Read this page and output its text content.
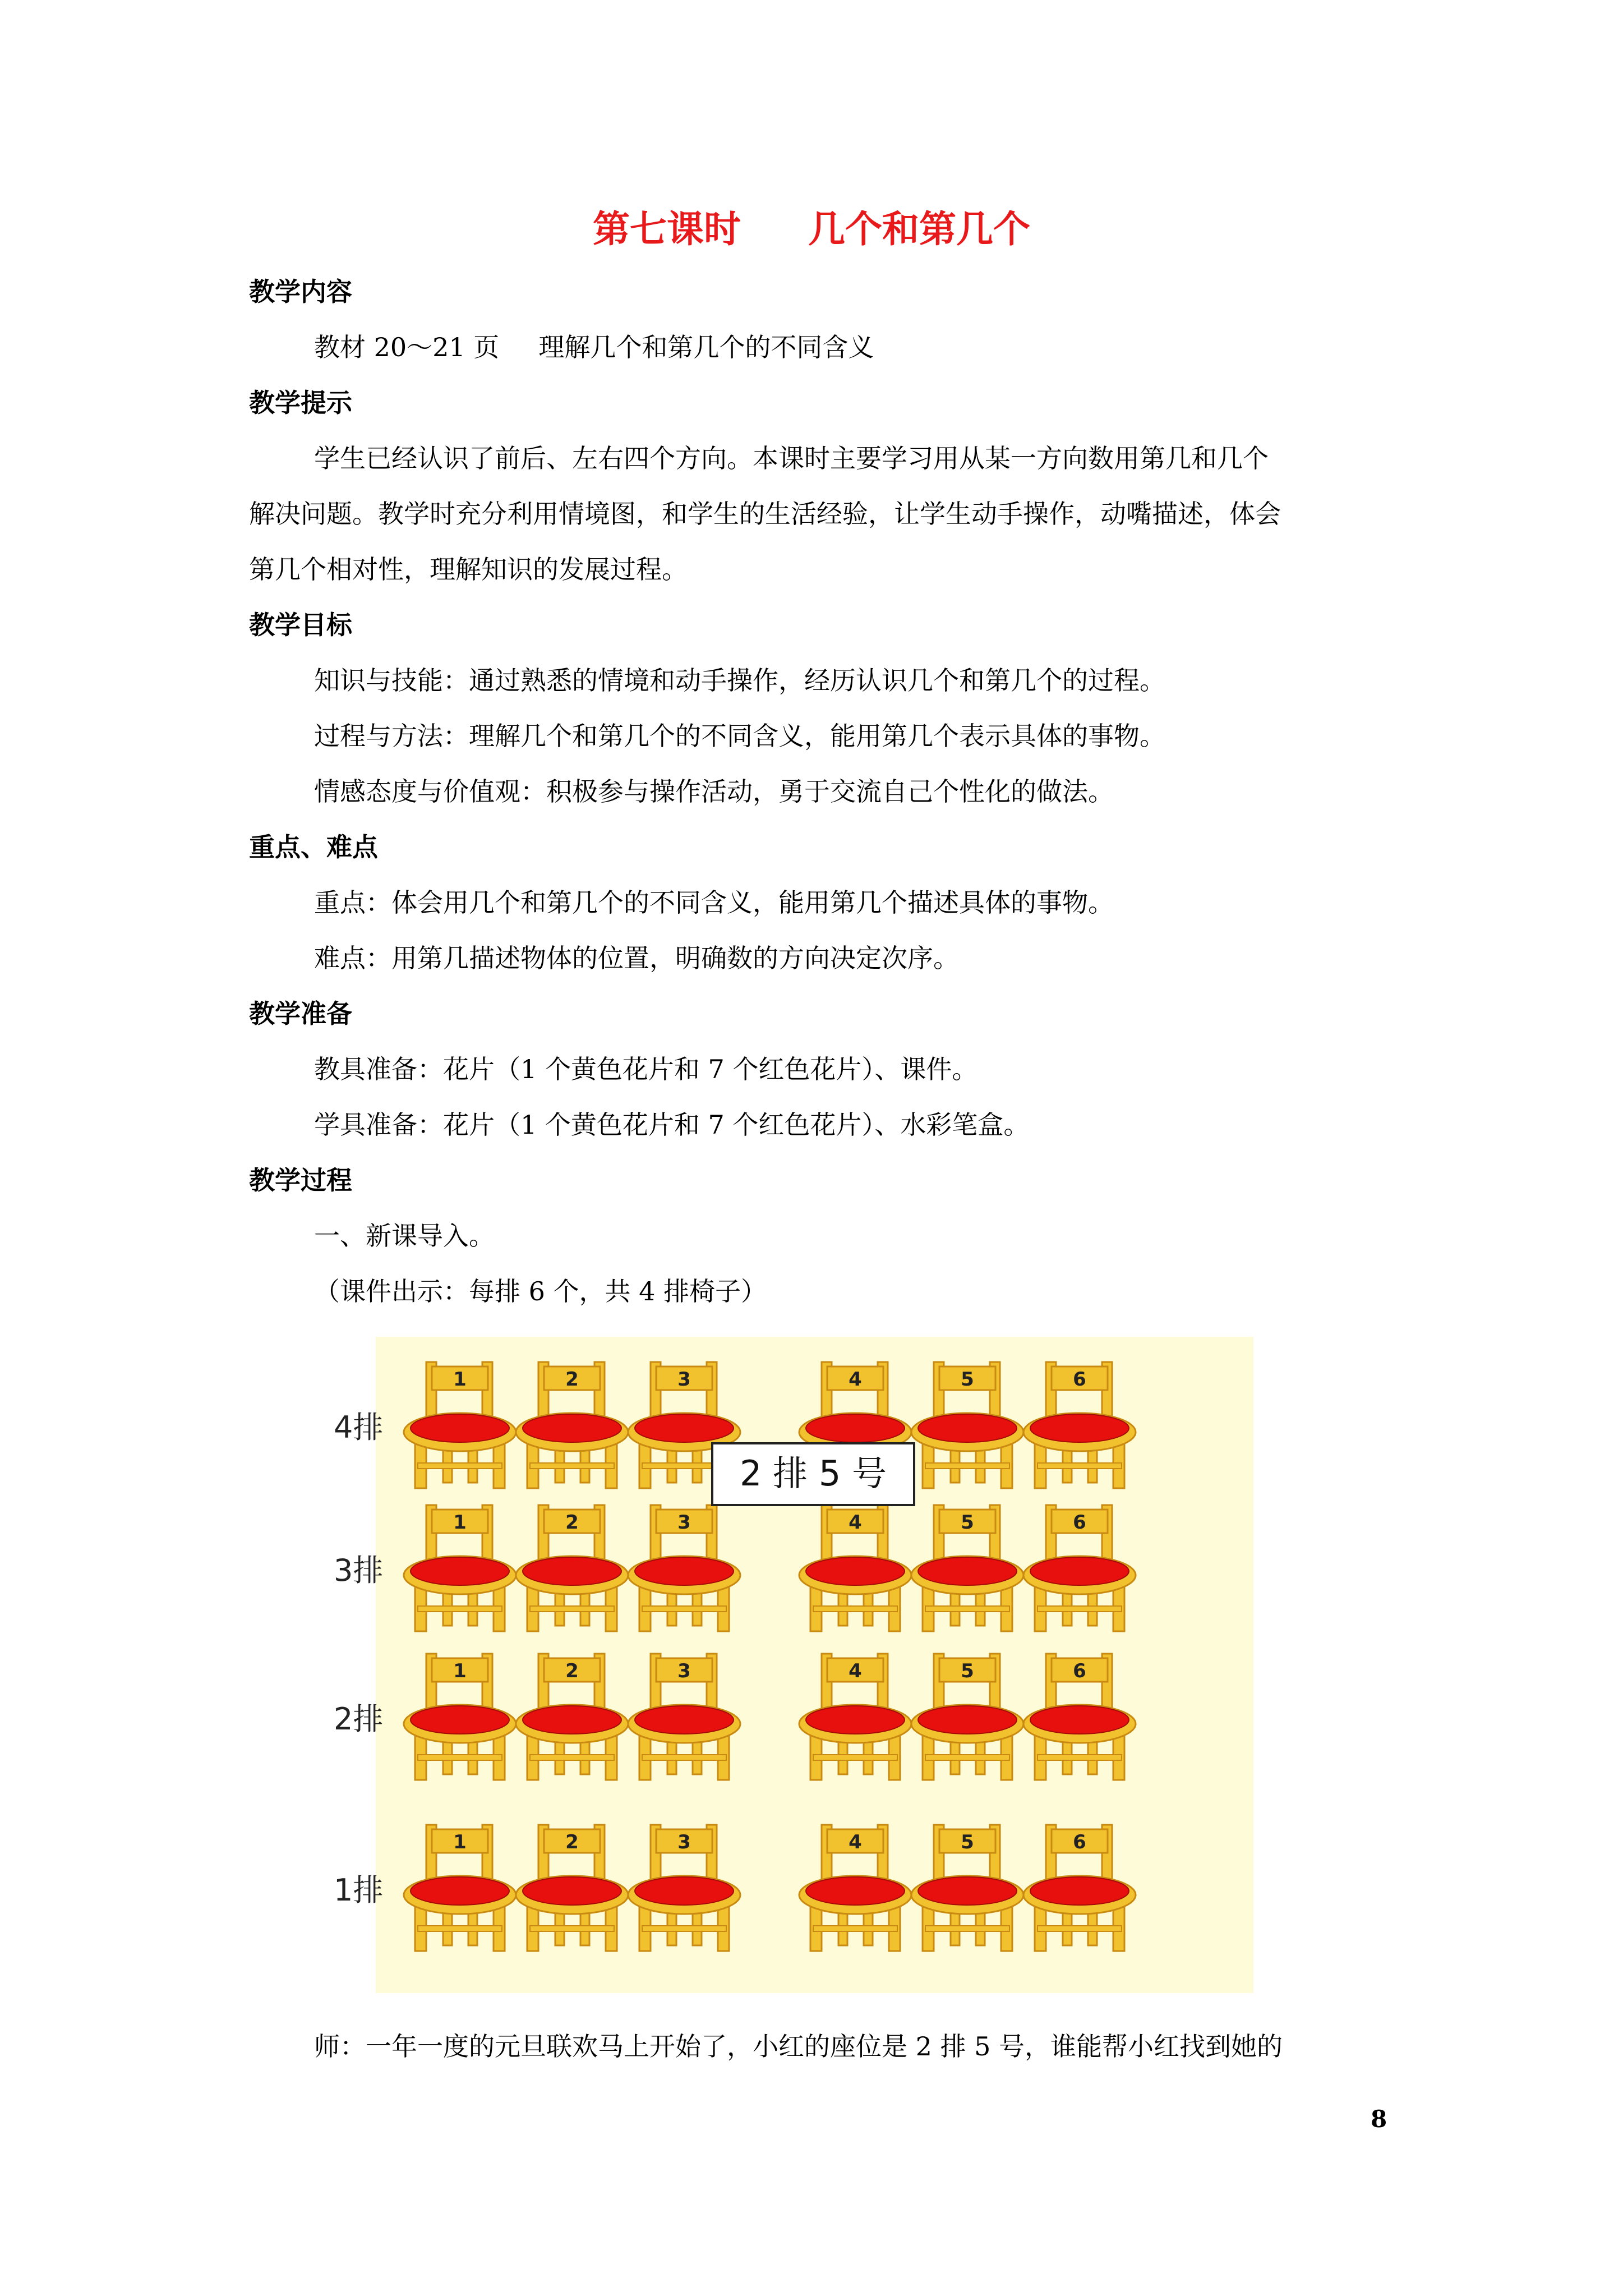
第七课时 几个和第几个
教学内容
教材 20～21 页 理解几个和第几个的不同含义
教学提示
学生已经认识了前后、左右四个方向。本课时主要学习用从某一方向数用第几和几个
解决问题。教学时充分利用情境图，和学生的生活经验，让学生动手操作，动嘴描述，体会
第几个相对性，理解知识的发展过程。
教学目标
知识与技能：通过熟悉的情境和动手操作，经历认识几个和第几个的过程。
过程与方法：理解几个和第几个的不同含义，能用第几个表示具体的事物。
情感态度与价值观：积极参与操作活动，勇于交流自己个性化的做法。
重点、难点
重点：体会用几个和第几个的不同含义，能用第几个描述具体的事物。
难点：用第几描述物体的位置，明确数的方向决定次序。
教学准备
教具准备：花片（1 个黄色花片和 7 个红色花片）、课件。
学具准备：花片（1 个黄色花片和 7 个红色花片）、水彩笔盒。
教学过程
一、新课导入。
（课件出示：每排 6 个，共 4 排椅子）
4排
1	2	3	4	5	6
3排
1	2	3	4	5	6
2排
1	2	3	4	5	6
1排
1	2	3	4	5	6
2 排 5 号
师：一年一度的元旦联欢马上开始了，小红的座位是 2 排 5 号，谁能帮小红找到她的
8
